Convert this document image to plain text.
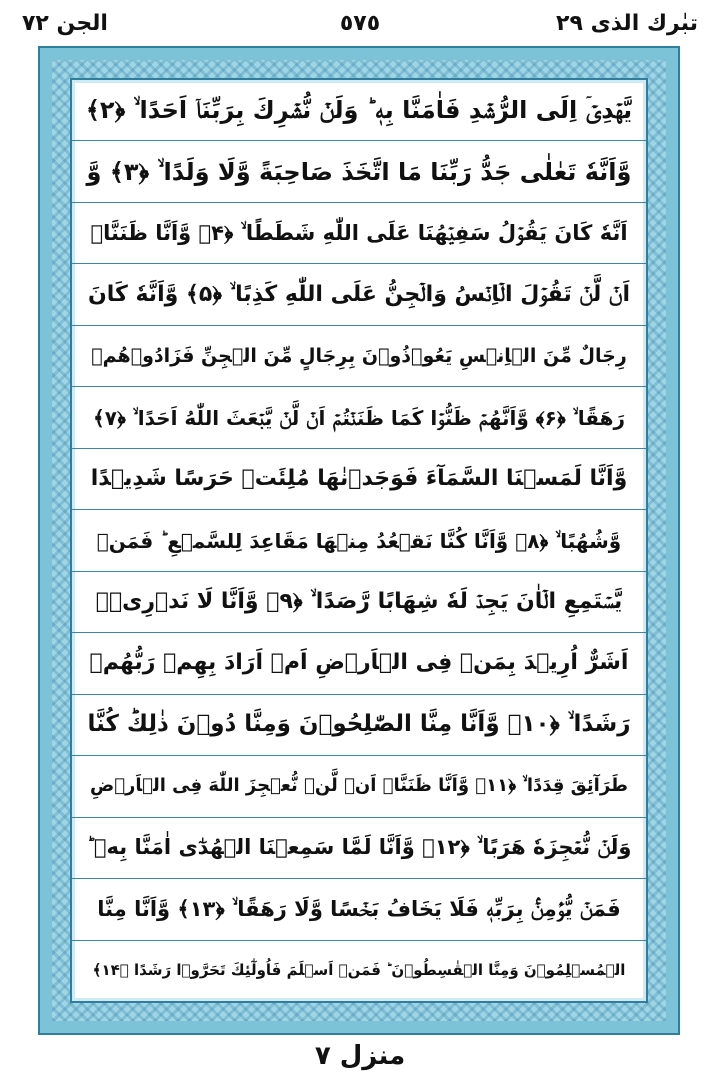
الجن ٧٢	٥٧٥	تبٰرك الذى ٢٩
يَّهۡدِىۡۤ اِلَى الرُّشۡدِ فَاٰمَنَّا بِهٖ ؕ وَلَنۡ نُّشۡرِكَ بِرَبِّنَاۤ اَحَدًا ۙ‏ ﴿۲﴾
وَّاَنَّهٗ تَعٰلٰى جَدُّ رَبِّنَا مَا اتَّخَذَ صَاحِبَةً وَّلَا وَلَدًا ۙ‏ ﴿۳﴾ وَّ
اَنَّهٗ كَانَ يَقُوۡلُ سَفِيۡهُنَا عَلَى اللّٰهِ شَطَطًا ۙ‏ ﴿۴﴾ وَّاَنَّا ظَنَنَّاۤ
اَنۡ لَّنۡ تَقُوۡلَ الۡاِنۡسُ وَالۡجِنُّ عَلَى اللّٰهِ كَذِبًا ۙ‏ ﴿۵﴾ وَّاَنَّهٗ كَانَ
رِجَالٌ مِّنَ الۡاِنۡسِ يَعُوۡذُوۡنَ بِرِجَالٍ مِّنَ الۡجِنِّ فَزَادُوۡهُمۡ
رَهَقًا ۙ‏ ﴿۶﴾ وَّاَنَّهُمۡ ظَنُّوۡا كَمَا ظَنَنۡتُمۡ اَنۡ لَّنۡ يَّبۡعَثَ اللّٰهُ اَحَدًا ۙ‏ ﴿۷﴾
وَّاَنَّا لَمَسۡنَا السَّمَآءَ فَوَجَدۡنٰهَا مُلِئَتۡ حَرَسًا شَدِيۡدًا
وَّشُهُبًا ۙ‏ ﴿۸﴾ وَّاَنَّا كُنَّا نَقۡعُدُ مِنۡهَا مَقَاعِدَ لِلسَّمۡعِ‌ ؕ فَمَنۡ
يَّسۡتَمِعِ الۡاٰنَ يَجِدۡ لَهٗ شِهَابًا رَّصَدًا ۙ‏ ﴿۹﴾ وَّاَنَّا لَا نَدۡرِىۡۤ
اَشَرٌّ اُرِيۡدَ بِمَنۡ فِى الۡاَرۡضِ اَمۡ اَرَادَ بِهِمۡ رَبُّهُمۡ
رَشَدًا ۙ‏ ﴿۱۰﴾ وَّاَنَّا مِنَّا الصّٰلِحُوۡنَ وَمِنَّا دُوۡنَ ذٰلِكَ‌ؕ كُنَّا
طَرَآئِقَ قِدَدًا ۙ‏ ﴿۱۱﴾ وَّاَنَّا ظَنَنَّاۤ اَنۡ لَّنۡ نُّعۡجِزَ اللّٰهَ فِى الۡاَرۡضِ
وَلَنۡ نُّعۡجِزَهٗ هَرَبًا ۙ‏ ﴿۱۲﴾ وَّاَنَّا لَمَّا سَمِعۡنَا الۡهُدٰٓى اٰمَنَّا بِهٖ ؕ
فَمَنۡ يُّؤۡمِنۡۢ بِرَبِّهٖ فَلَا يَخَافُ بَخۡسًا وَّلَا رَهَقًا ۙ‏ ﴿۱۳﴾ وَّاَنَّا مِنَّا
الۡمُسۡلِمُوۡنَ وَمِنَّا الۡقٰسِطُوۡنَ ؕ فَمَنۡ اَسۡلَمَ فَاُولٰٓئِكَ تَحَرَّوۡا رَشَدًا ﴿۱۴﴾
منزل ٧
